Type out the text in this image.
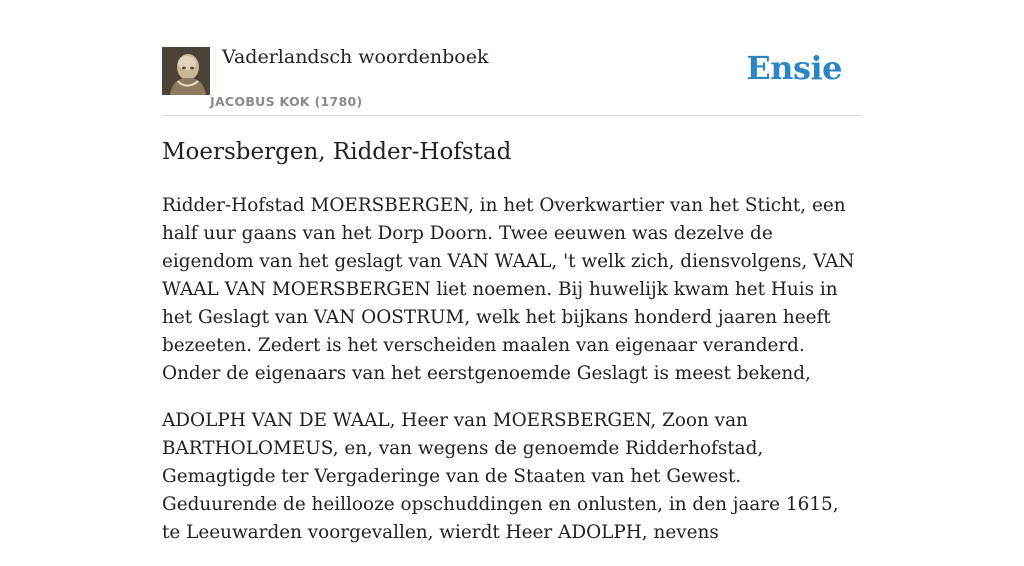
Vaderlandsch woordenboek
JACOBUS KOK (1780)
Ensie
Moersbergen, Ridder-Hofstad

Ridder-Hofstad MOERSBERGEN, in het Overkwartier van het Sticht, een half uur gaans van het Dorp Doorn. Twee eeuwen was dezelve de eigendom van het geslagt van VAN WAAL, 't welk zich, diensvolgens, VAN WAAL VAN MOERSBERGEN liet noemen. Bij huwelijk kwam het Huis in het Geslagt van VAN OOSTRUM, welk het bijkans honderd jaaren heeft bezeeten. Zedert is het verscheiden maalen van eigenaar veranderd. Onder de eigenaars van het eerstgenoemde Geslagt is meest bekend,

ADOLPH VAN DE WAAL, Heer van MOERSBERGEN, Zoon van BARTHOLOMEUS, en, van wegens de genoemde Ridderhofstad, Gemagtigde ter Vergaderinge van de Staaten van het Gewest. Geduurende de heillooze opschuddingen en onlusten, in den jaare 1615, te Leeuwarden voorgevallen, wierdt Heer ADOLPH, nevens
